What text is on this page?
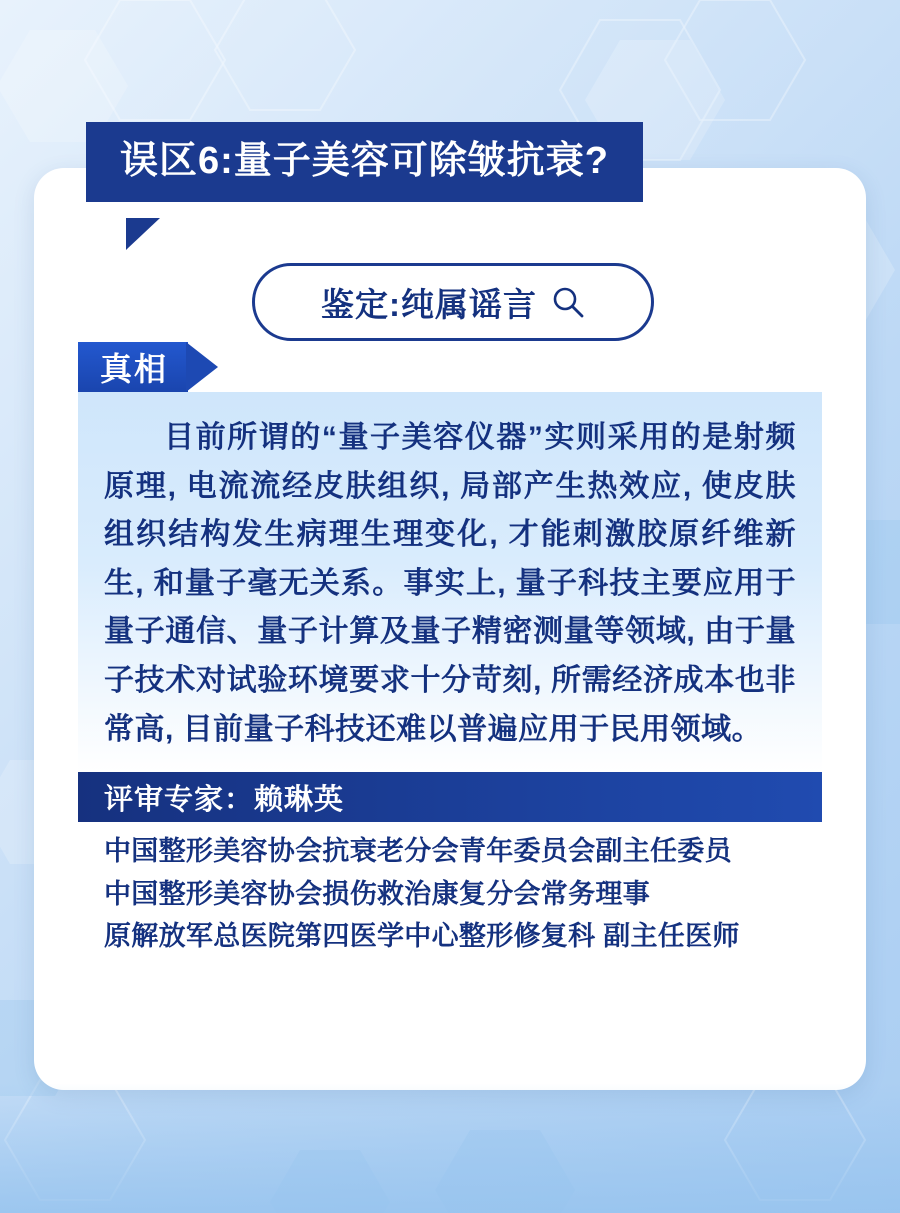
误区6:量子美容可除皱抗衰?
鉴定:纯属谣言
真相
目前所谓的“量子美容仪器”实则采用的是射频原理, 电流流经皮肤组织, 局部产生热效应, 使皮肤组织结构发生病理生理变化, 才能刺激胶原纤维新生, 和量子毫无关系。事实上, 量子科技主要应用于量子通信、量子计算及量子精密测量等领域, 由于量子技术对试验环境要求十分苛刻, 所需经济成本也非常高, 目前量子科技还难以普遍应用于民用领域。
评审专家：赖琳英
中国整形美容协会抗衰老分会青年委员会副主任委员
中国整形美容协会损伤救治康复分会常务理事
原解放军总医院第四医学中心整形修复科 副主任医师
